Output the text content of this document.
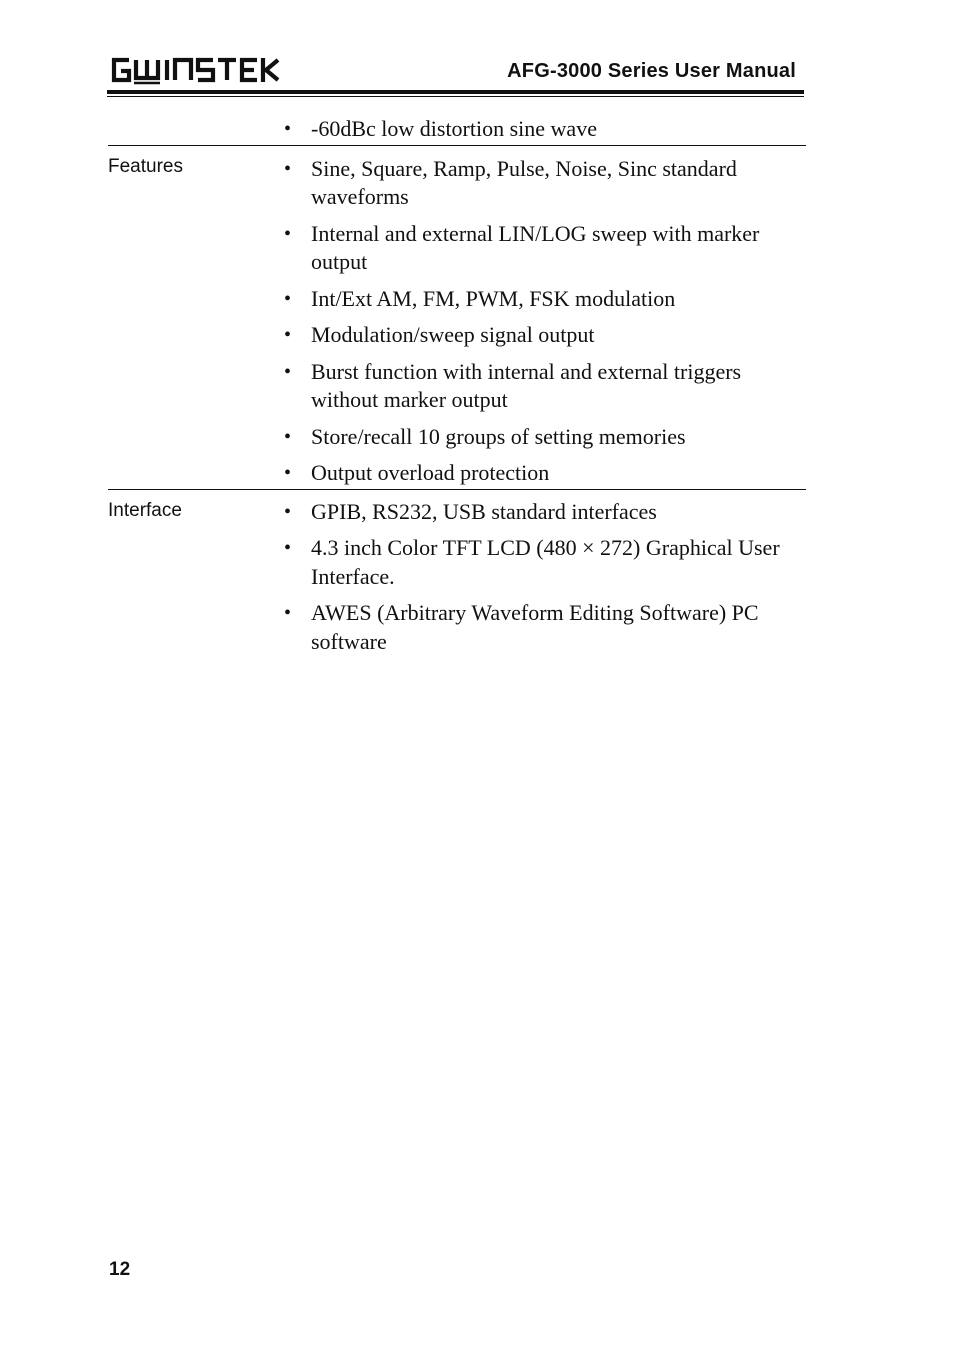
AFG-3000 Series User Manual
• -60dBc low distortion sine wave
Features	• Sine, Square, Ramp, Pulse, Noise, Sinc standard waveforms
• Internal and external LIN/LOG sweep with marker output
• Int/Ext AM, FM, PWM, FSK modulation
• Modulation/sweep signal output
• Burst function with internal and external triggers without marker output
• Store/recall 10 groups of setting memories
• Output overload protection
Interface	• GPIB, RS232, USB standard interfaces
• 4.3 inch Color TFT LCD (480 × 272) Graphical User Interface.
• AWES (Arbitrary Waveform Editing Software) PC software
12
